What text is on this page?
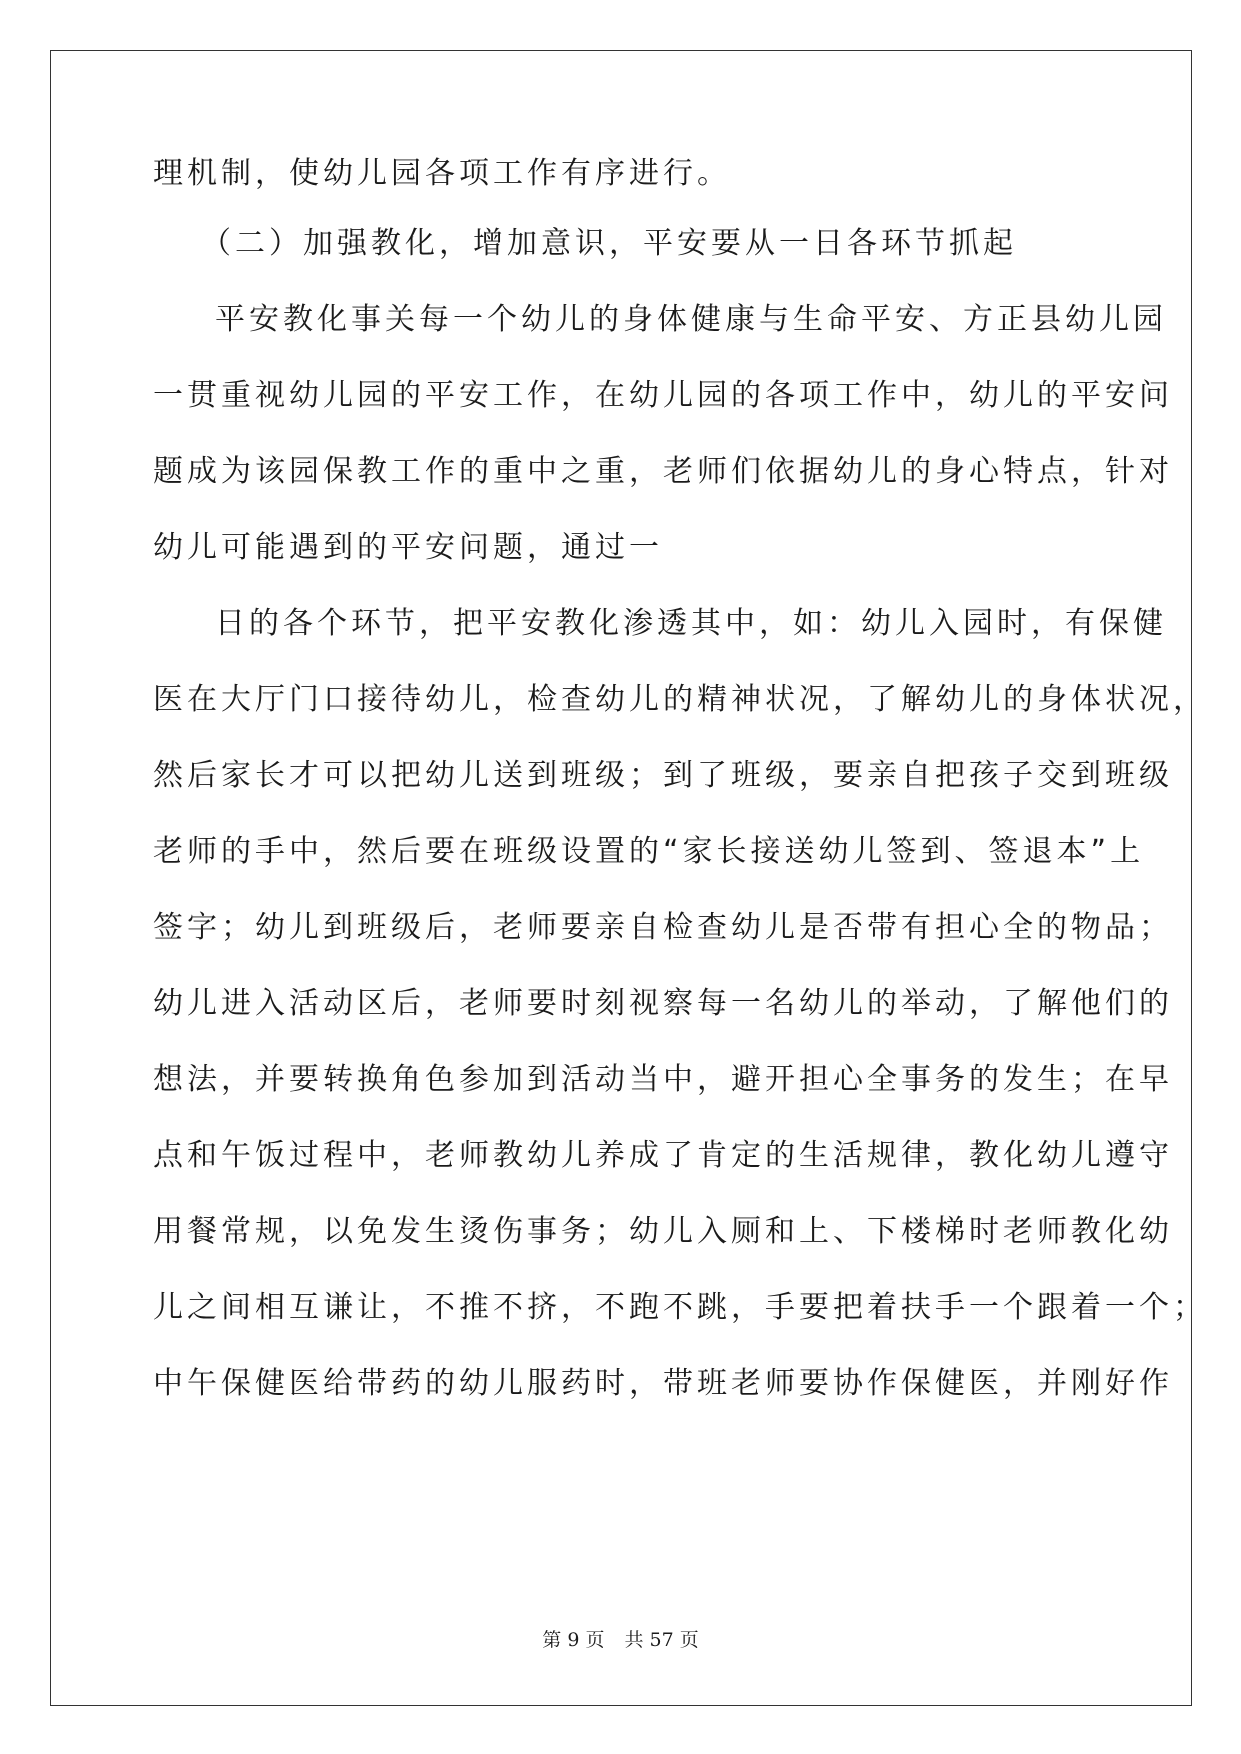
理机制，使幼儿园各项工作有序进行。
（二）加强教化，增加意识，平安要从一日各环节抓起
平安教化事关每一个幼儿的身体健康与生命平安、方正县幼儿园
一贯重视幼儿园的平安工作，在幼儿园的各项工作中，幼儿的平安问
题成为该园保教工作的重中之重，老师们依据幼儿的身心特点，针对
幼儿可能遇到的平安问题，通过一
日的各个环节，把平安教化渗透其中，如：幼儿入园时，有保健
医在大厅门口接待幼儿，检查幼儿的精神状况，了解幼儿的身体状况，
然后家长才可以把幼儿送到班级；到了班级，要亲自把孩子交到班级
老师的手中，然后要在班级设置的“家长接送幼儿签到、签退本”上
签字；幼儿到班级后，老师要亲自检查幼儿是否带有担心全的物品；
幼儿进入活动区后，老师要时刻视察每一名幼儿的举动，了解他们的
想法，并要转换角色参加到活动当中，避开担心全事务的发生；在早
点和午饭过程中，老师教幼儿养成了肯定的生活规律，教化幼儿遵守
用餐常规，以免发生烫伤事务；幼儿入厕和上、下楼梯时老师教化幼
儿之间相互谦让，不推不挤，不跑不跳，手要把着扶手一个跟着一个；
中午保健医给带药的幼儿服药时，带班老师要协作保健医，并刚好作
第 9 页 共 57 页
